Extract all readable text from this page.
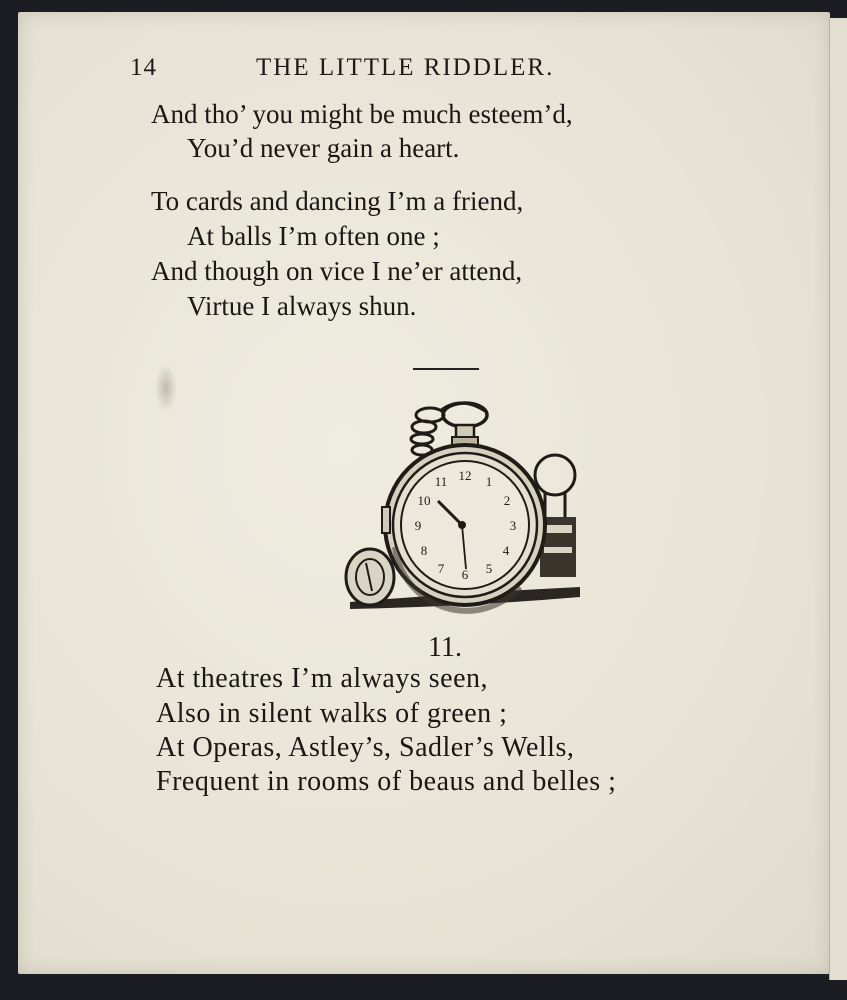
14	THE LITTLE RIDDLER.
And tho’ you might be much esteem’d,
You’d never gain a heart.
To cards and dancing I’m a friend,
At balls I’m often one ;
And though on vice I ne’er attend,
Virtue I always shun.
12 1
2
3
4
5
6
7
8
9
10
11
11.
At theatres I’m always seen,
Also in silent walks of green ;
At Operas, Astley’s, Sadler’s Wells,
Frequent in rooms of beaus and belles ;
